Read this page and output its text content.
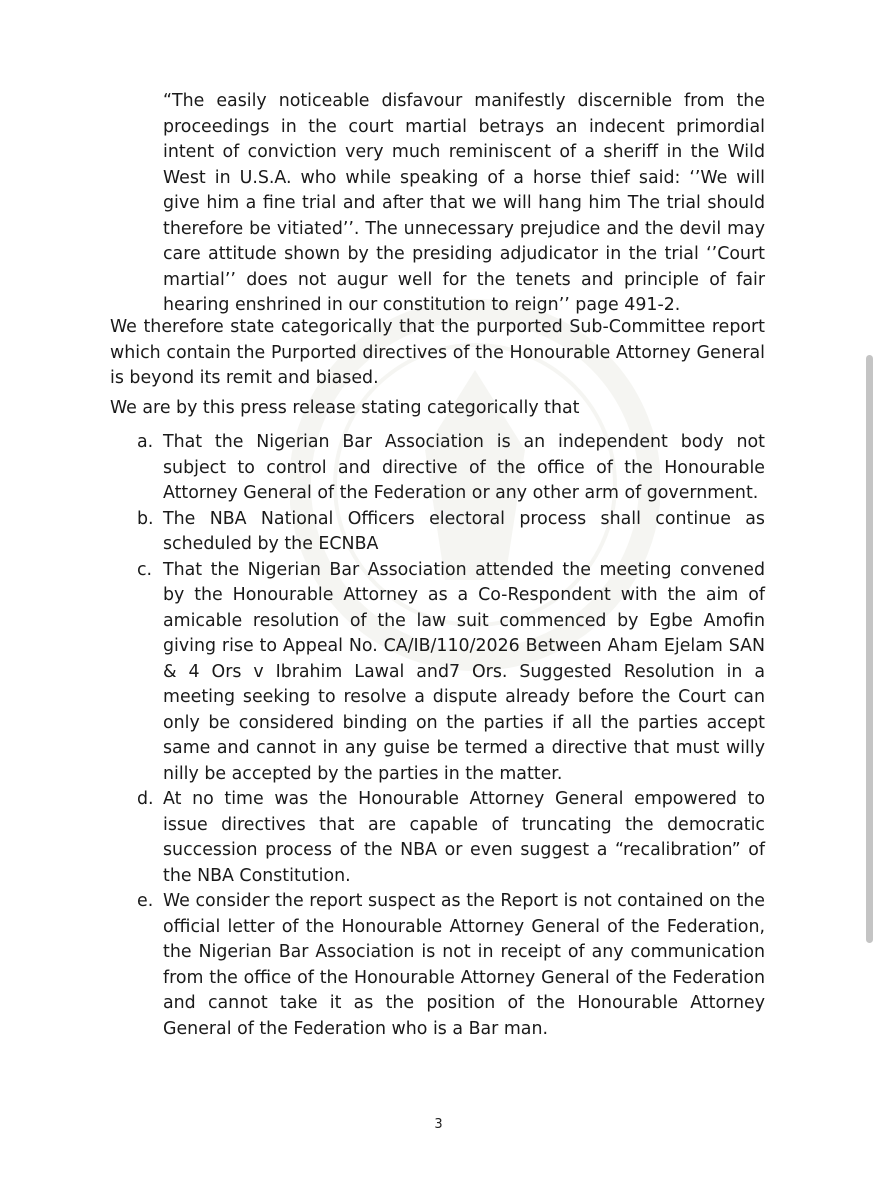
“The easily noticeable disfavour manifestly discernible from the proceedings in the court martial betrays an indecent primordial intent of conviction very much reminiscent of a sheriff in the Wild West in U.S.A. who while speaking of a horse thief said: ‘’We will give him a fine trial and after that we will hang him The trial should therefore be vitiated’’. The unnecessary prejudice and the devil may care attitude shown by the presiding adjudicator in the trial ‘’Court martial’’ does not augur well for the tenets and principle of fair hearing enshrined in our constitution to reign’’ page 491-2.

We therefore state categorically that the purported Sub-Committee report which contain the Purported directives of the Honourable Attorney General is beyond its remit and biased.

We are by this press release stating categorically that

a. That the Nigerian Bar Association is an independent body not subject to control and directive of the office of the Honourable Attorney General of the Federation or any other arm of government.
b. The NBA National Officers electoral process shall continue as scheduled by the ECNBA
c. That the Nigerian Bar Association attended the meeting convened by the Honourable Attorney as a Co-Respondent with the aim of amicable resolution of the law suit commenced by Egbe Amofin giving rise to Appeal No. CA/IB/110/2026 Between Aham Ejelam SAN & 4 Ors v Ibrahim Lawal and7 Ors. Suggested Resolution in a meeting seeking to resolve a dispute already before the Court can only be considered binding on the parties if all the parties accept same and cannot in any guise be termed a directive that must willy nilly be accepted by the parties in the matter.
d. At no time was the Honourable Attorney General empowered to issue directives that are capable of truncating the democratic succession process of the NBA or even suggest a “recalibration” of the NBA Constitution.
e. We consider the report suspect as the Report is not contained on the official letter of the Honourable Attorney General of the Federation, the Nigerian Bar Association is not in receipt of any communication from the office of the Honourable Attorney General of the Federation and cannot take it as the position of the Honourable Attorney General of the Federation who is a Bar man.
3
